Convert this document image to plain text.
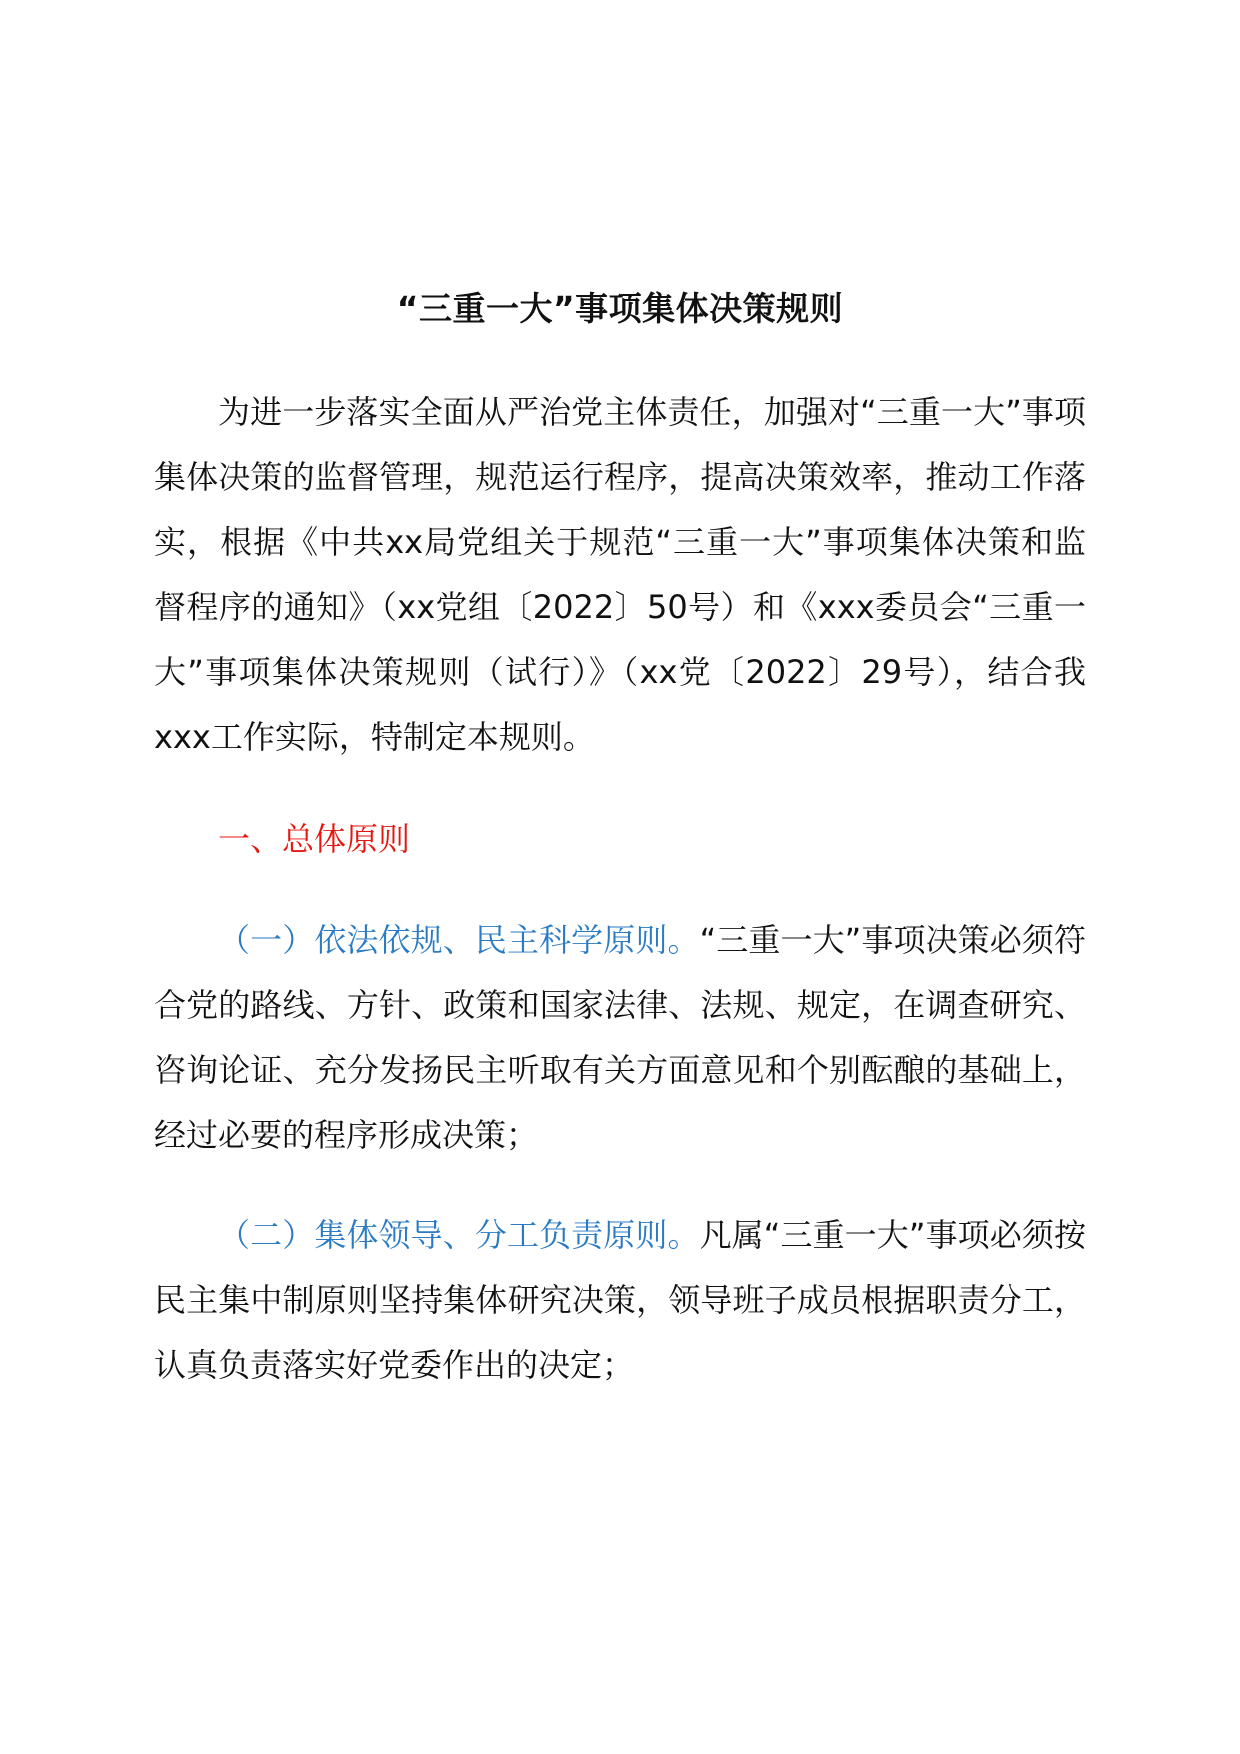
“三重一大”事项集体决策规则

为进一步落实全面从严治党主体责任，加强对“三重一大”事项集体决策的监督管理，规范运行程序，提高决策效率，推动工作落实，根据《中共xx局党组关于规范“三重一大”事项集体决策和监督程序的通知》（xx党组〔2022〕50号）和《xxx委员会“三重一大”事项集体决策规则（试行）》（xx党〔2022〕29号），结合我xxx工作实际，特制定本规则。

一、总体原则

（一）依法依规、民主科学原则。“三重一大”事项决策必须符合党的路线、方针、政策和国家法律、法规、规定，在调查研究、咨询论证、充分发扬民主听取有关方面意见和个别酝酿的基础上，经过必要的程序形成决策；

（二）集体领导、分工负责原则。凡属“三重一大”事项必须按民主集中制原则坚持集体研究决策，领导班子成员根据职责分工，认真负责落实好党委作出的决定；
